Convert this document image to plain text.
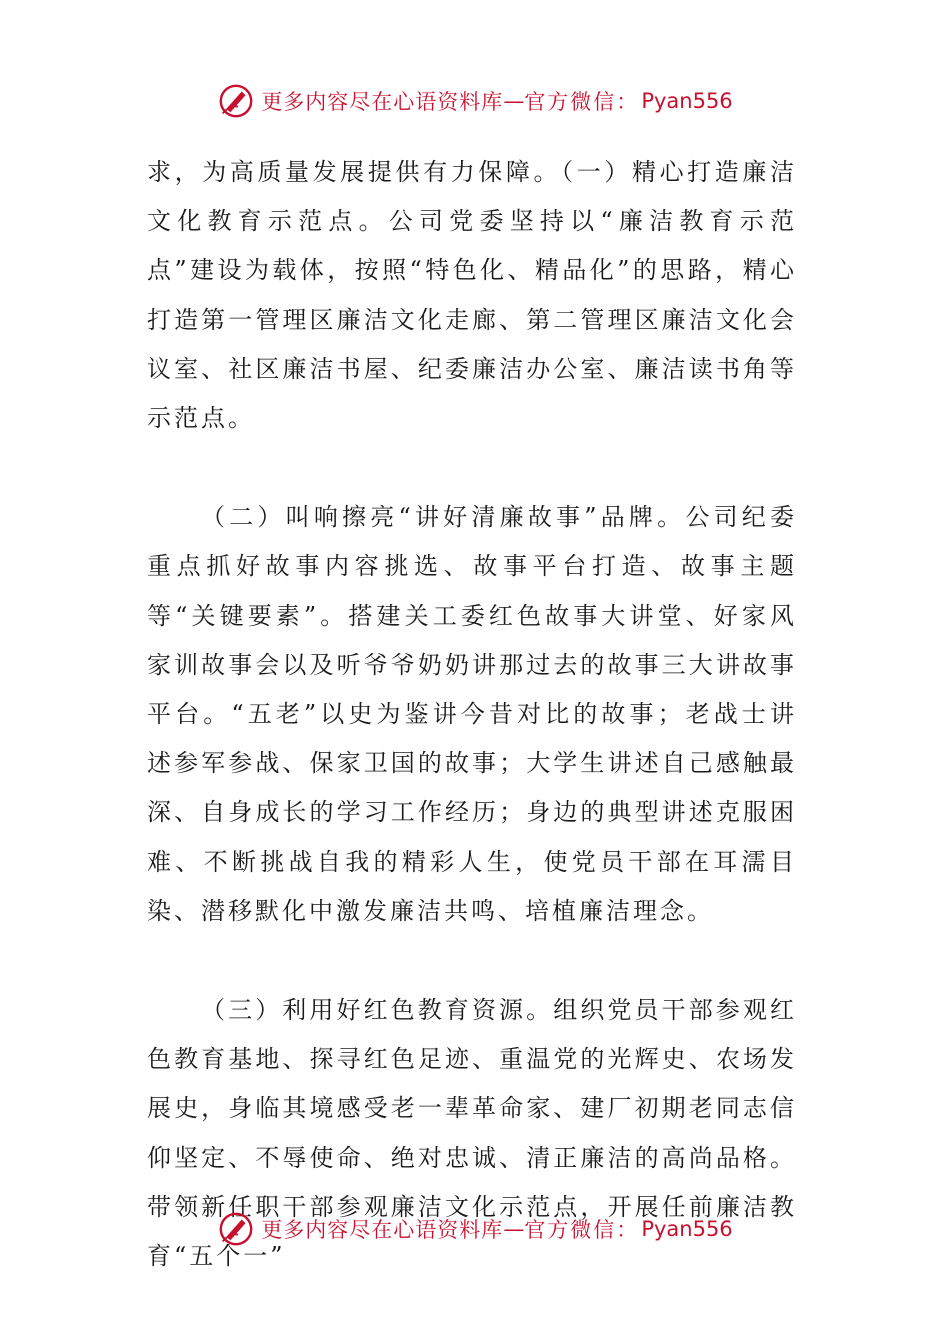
更多内容尽在心语资料库 — 官方微信： Pyan556

求，为高质量发展提供有力保障。（一）精心打造廉洁文化教育示范点。公司党委坚持以“廉洁教育示范点”建设为载体，按照“特色化、精品化”的思路，精心打造第一管理区廉洁文化走廊、第二管理区廉洁文化会议室、社区廉洁书屋、纪委廉洁办公室、廉洁读书角等示范点。

（二）叫响擦亮“讲好清廉故事”品牌。公司纪委重点抓好故事内容挑选、故事平台打造、故事主题等“关键要素”。搭建关工委红色故事大讲堂、好家风家训故事会以及听爷爷奶奶讲那过去的故事三大讲故事平台。“五老”以史为鉴讲今昔对比的故事；老战士讲述参军参战、保家卫国的故事；大学生讲述自己感触最深、自身成长的学习工作经历；身边的典型讲述克服困难、不断挑战自我的精彩人生，使党员干部在耳濡目染、潜移默化中激发廉洁共鸣、培植廉洁理念。

（三）利用好红色教育资源。组织党员干部参观红色教育基地、探寻红色足迹、重温党的光辉史、农场发展史，身临其境感受老一辈革命家、建厂初期老同志信仰坚定、不辱使命、绝对忠诚、清正廉洁的高尚品格。带领新任职干部参观廉洁文化示范点，开展任前廉洁教育“五个一”

更多内容尽在心语资料库 — 官方微信： Pyan556
